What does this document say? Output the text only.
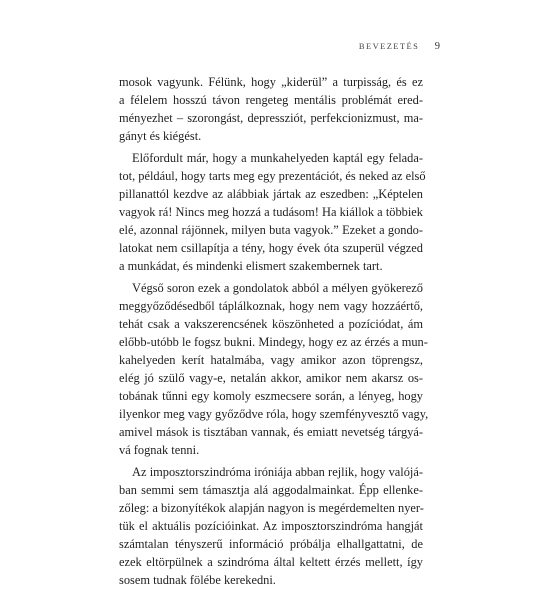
BEVEZETÉS 9

mosok vagyunk. Félünk, hogy „kiderül” a turpisság, és ez
a félelem hosszú távon rengeteg mentális problémát ered-
ményezhet – szorongást, depressziót, perfekcionizmust, ma-
gányt és kiégést.

Előfordult már, hogy a munkahelyeden kaptál egy felada-
tot, például, hogy tarts meg egy prezentációt, és neked az első
pillanattól kezdve az alábbiak jártak az eszedben: „Képtelen
vagyok rá! Nincs meg hozzá a tudásom! Ha kiállok a többiek
elé, azonnal rájönnek, milyen buta vagyok.” Ezeket a gondo-
latokat nem csillapítja a tény, hogy évek óta szuperül végzed
a munkádat, és mindenki elismert szakembernek tart.

Végső soron ezek a gondolatok abból a mélyen gyökerező
meggyőződésedből táplálkoznak, hogy nem vagy hozzáértő,
tehát csak a vakszerencsének köszönheted a pozíciódat, ám
előbb-utóbb le fogsz bukni. Mindegy, hogy ez az érzés a mun-
kahelyeden kerít hatalmába, vagy amikor azon töprengsz,
elég jó szülő vagy-e, netalán akkor, amikor nem akarsz os-
tobának tűnni egy komoly eszmecsere során, a lényeg, hogy
ilyenkor meg vagy győződve róla, hogy szemfényvesztő vagy,
amivel mások is tisztában vannak, és emiatt nevetség tárgyá-
vá fognak tenni.

Az imposztorszindróma iróniája abban rejlik, hogy valójá-
ban semmi sem támasztja alá aggodalmainkat. Épp ellenke-
zőleg: a bizonyítékok alapján nagyon is megérdemelten nyer-
tük el aktuális pozícióinkat. Az imposztorszindróma hangját
számtalan tényszerű információ próbálja elhallgattatni, de
ezek eltörpülnek a szindróma által keltett érzés mellett, így
sosem tudnak fölébe kerekedni.
